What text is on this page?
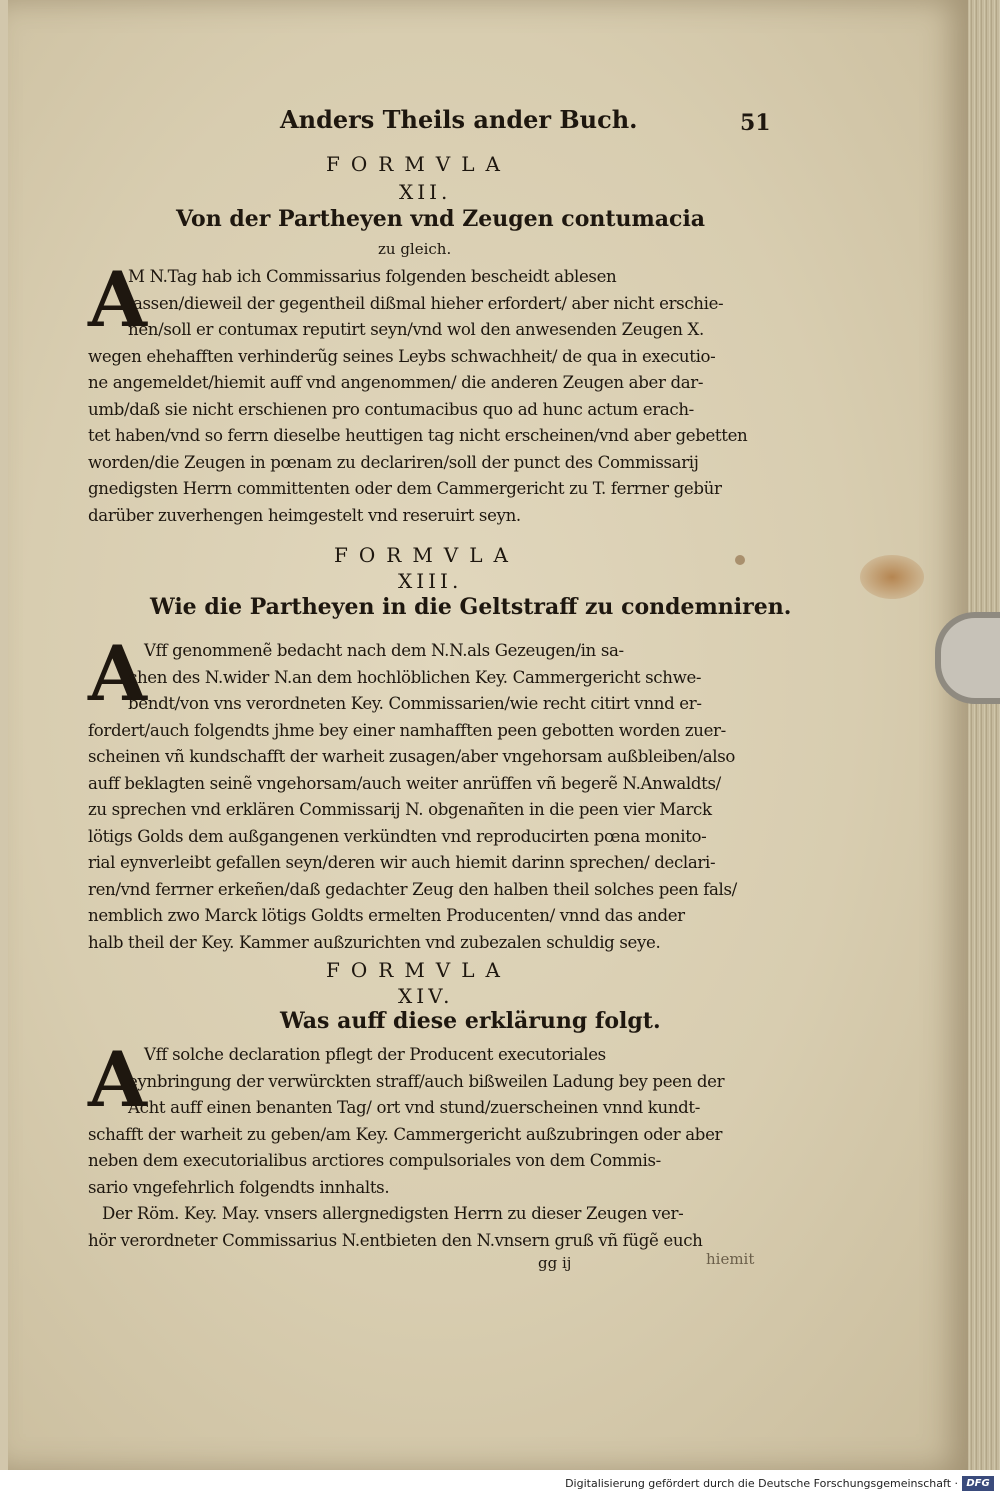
Anders Theils ander Buch.	51
FORMVLA
XII.
Von der Partheyen vnd Zeugen contumacia
zu gleich.
A
M N.Tag hab ich Commissarius folgenden bescheidt ablesen
lassen/dieweil der gegentheil dißmal hieher erfordert/ aber nicht erschie-
nen/soll er contumax reputirt seyn/vnd wol den anwesenden Zeugen X.
wegen ehehafften verhinderũg seines Leybs schwachheit/ de qua in executio-
ne angemeldet/hiemit auff vnd angenommen/ die anderen Zeugen aber dar-
umb/daß sie nicht erschienen pro contumacibus quo ad hunc actum erach-
tet haben/vnd so ferrn dieselbe heuttigen tag nicht erscheinen/vnd aber gebetten
worden/die Zeugen in pœnam zu declariren/soll der punct des Commissarij
gnedigsten Herrn committenten oder dem Cammergericht zu T. ferrner gebür
darüber zuverhengen heimgestelt vnd reseruirt seyn.
FORMVLA
XIII.
Wie die Partheyen in die Geltstraff zu condemniren.
A
Vff genommenẽ bedacht nach dem N.N.als Gezeugen/in sa-
chen des N.wider N.an dem hochlöblichen Key. Cammergericht schwe-
bendt/von vns verordneten Key. Commissarien/wie recht citirt vnnd er-
fordert/auch folgendts jhme bey einer namhafften peen gebotten worden zuer-
scheinen vñ kundschafft der warheit zusagen/aber vngehorsam außbleiben/also
auff beklagten seinẽ vngehorsam/auch weiter anrüffen vñ begerẽ N.Anwaldts/
zu sprechen vnd erklären Commissarij N. obgenañten in die peen vier Marck
lötigs Golds dem außgangenen verkündten vnd reproducirten pœna monito-
rial eynverleibt gefallen seyn/deren wir auch hiemit darinn sprechen/ declari-
ren/vnd ferrner erkeñen/daß gedachter Zeug den halben theil solches peen fals/
nemblich zwo Marck lötigs Goldts ermelten Producenten/ vnnd das ander
halb theil der Key. Kammer außzurichten vnd zubezalen schuldig seye.
FORMVLA
XIV.
Was auff diese erklärung folgt.
A
Vff solche declaration pflegt der Producent executoriales
eynbringung der verwürckten straff/auch bißweilen Ladung bey peen der
Acht auff einen benanten Tag/ ort vnd stund/zuerscheinen vnnd kundt-
schafft der warheit zu geben/am Key. Cammergericht außzubringen oder aber
neben dem executorialibus arctiores compulsoriales von dem Commis-
sario vngefehrlich folgendts innhalts.
Der Röm. Key. May. vnsers allergnedigsten Herrn zu dieser Zeugen ver-
hör verordneter Commissarius N.entbieten den N.vnsern gruß vñ fügẽ euch
gg ij	hiemit
Digitalisierung gefördert durch die Deutsche Forschungsgemeinschaft · DFG
